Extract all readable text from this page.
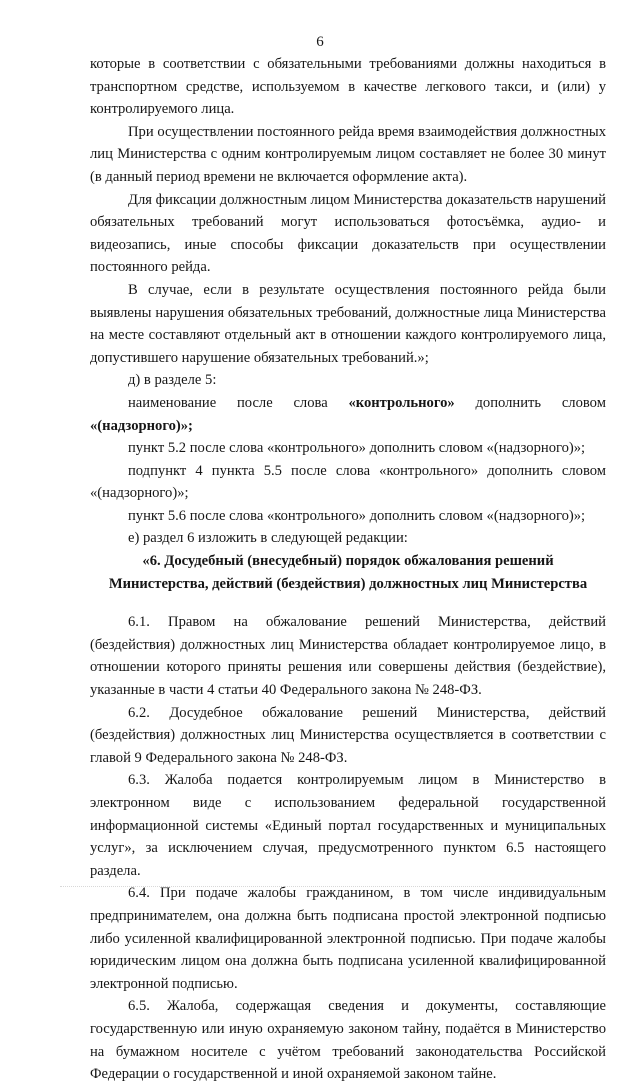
6

которые в соответствии с обязательными требованиями должны находиться в транспортном средстве, используемом в качестве легкового такси, и (или) у контролируемого лица.

При осуществлении постоянного рейда время взаимодействия должностных лиц Министерства с одним контролируемым лицом составляет не более 30 минут (в данный период времени не включается оформление акта).

Для фиксации должностным лицом Министерства доказательств нарушений обязательных требований могут использоваться фотосъёмка, аудио- и видеозапись, иные способы фиксации доказательств при осуществлении постоянного рейда.

В случае, если в результате осуществления постоянного рейда были выявлены нарушения обязательных требований, должностные лица Министерства на месте составляют отдельный акт в отношении каждого контролируемого лица, допустившего нарушение обязательных требований.»;

д) в разделе 5:

наименование после слова «контрольного» дополнить словом

«(надзорного)»;

пункт 5.2 после слова «контрольного» дополнить словом «(надзорного)»;

подпункт 4 пункта 5.5 после слова «контрольного» дополнить словом «(надзорного)»;

пункт 5.6 после слова «контрольного» дополнить словом «(надзорного)»;

е) раздел 6 изложить в следующей редакции:

«6. Досудебный (внесудебный) порядок обжалования решений
Министерства, действий (бездействия) должностных лиц Министерства

6.1. Правом на обжалование решений Министерства, действий (бездействия) должностных лиц Министерства обладает контролируемое лицо, в отношении которого приняты решения или совершены действия (бездействие), указанные в части 4 статьи 40 Федерального закона № 248-ФЗ.

6.2. Досудебное обжалование решений Министерства, действий (бездействия) должностных лиц Министерства осуществляется в соответствии с главой 9 Федерального закона № 248-ФЗ.

6.3. Жалоба подается контролируемым лицом в Министерство в электронном виде с использованием федеральной государственной информационной системы «Единый портал государственных и муниципальных услуг», за исключением случая, предусмотренного пунктом 6.5 настоящего раздела.

6.4. При подаче жалобы гражданином, в том числе индивидуальным предпринимателем, она должна быть подписана простой электронной подписью либо усиленной квалифицированной электронной подписью. При подаче жалобы юридическим лицом она должна быть подписана усиленной квалифицированной электронной подписью.

6.5. Жалоба, содержащая сведения и документы, составляющие государственную или иную охраняемую законом тайну, подаётся в Министерство на бумажном носителе с учётом требований законодательства Российской Федерации о государственной и иной охраняемой законом тайне.
